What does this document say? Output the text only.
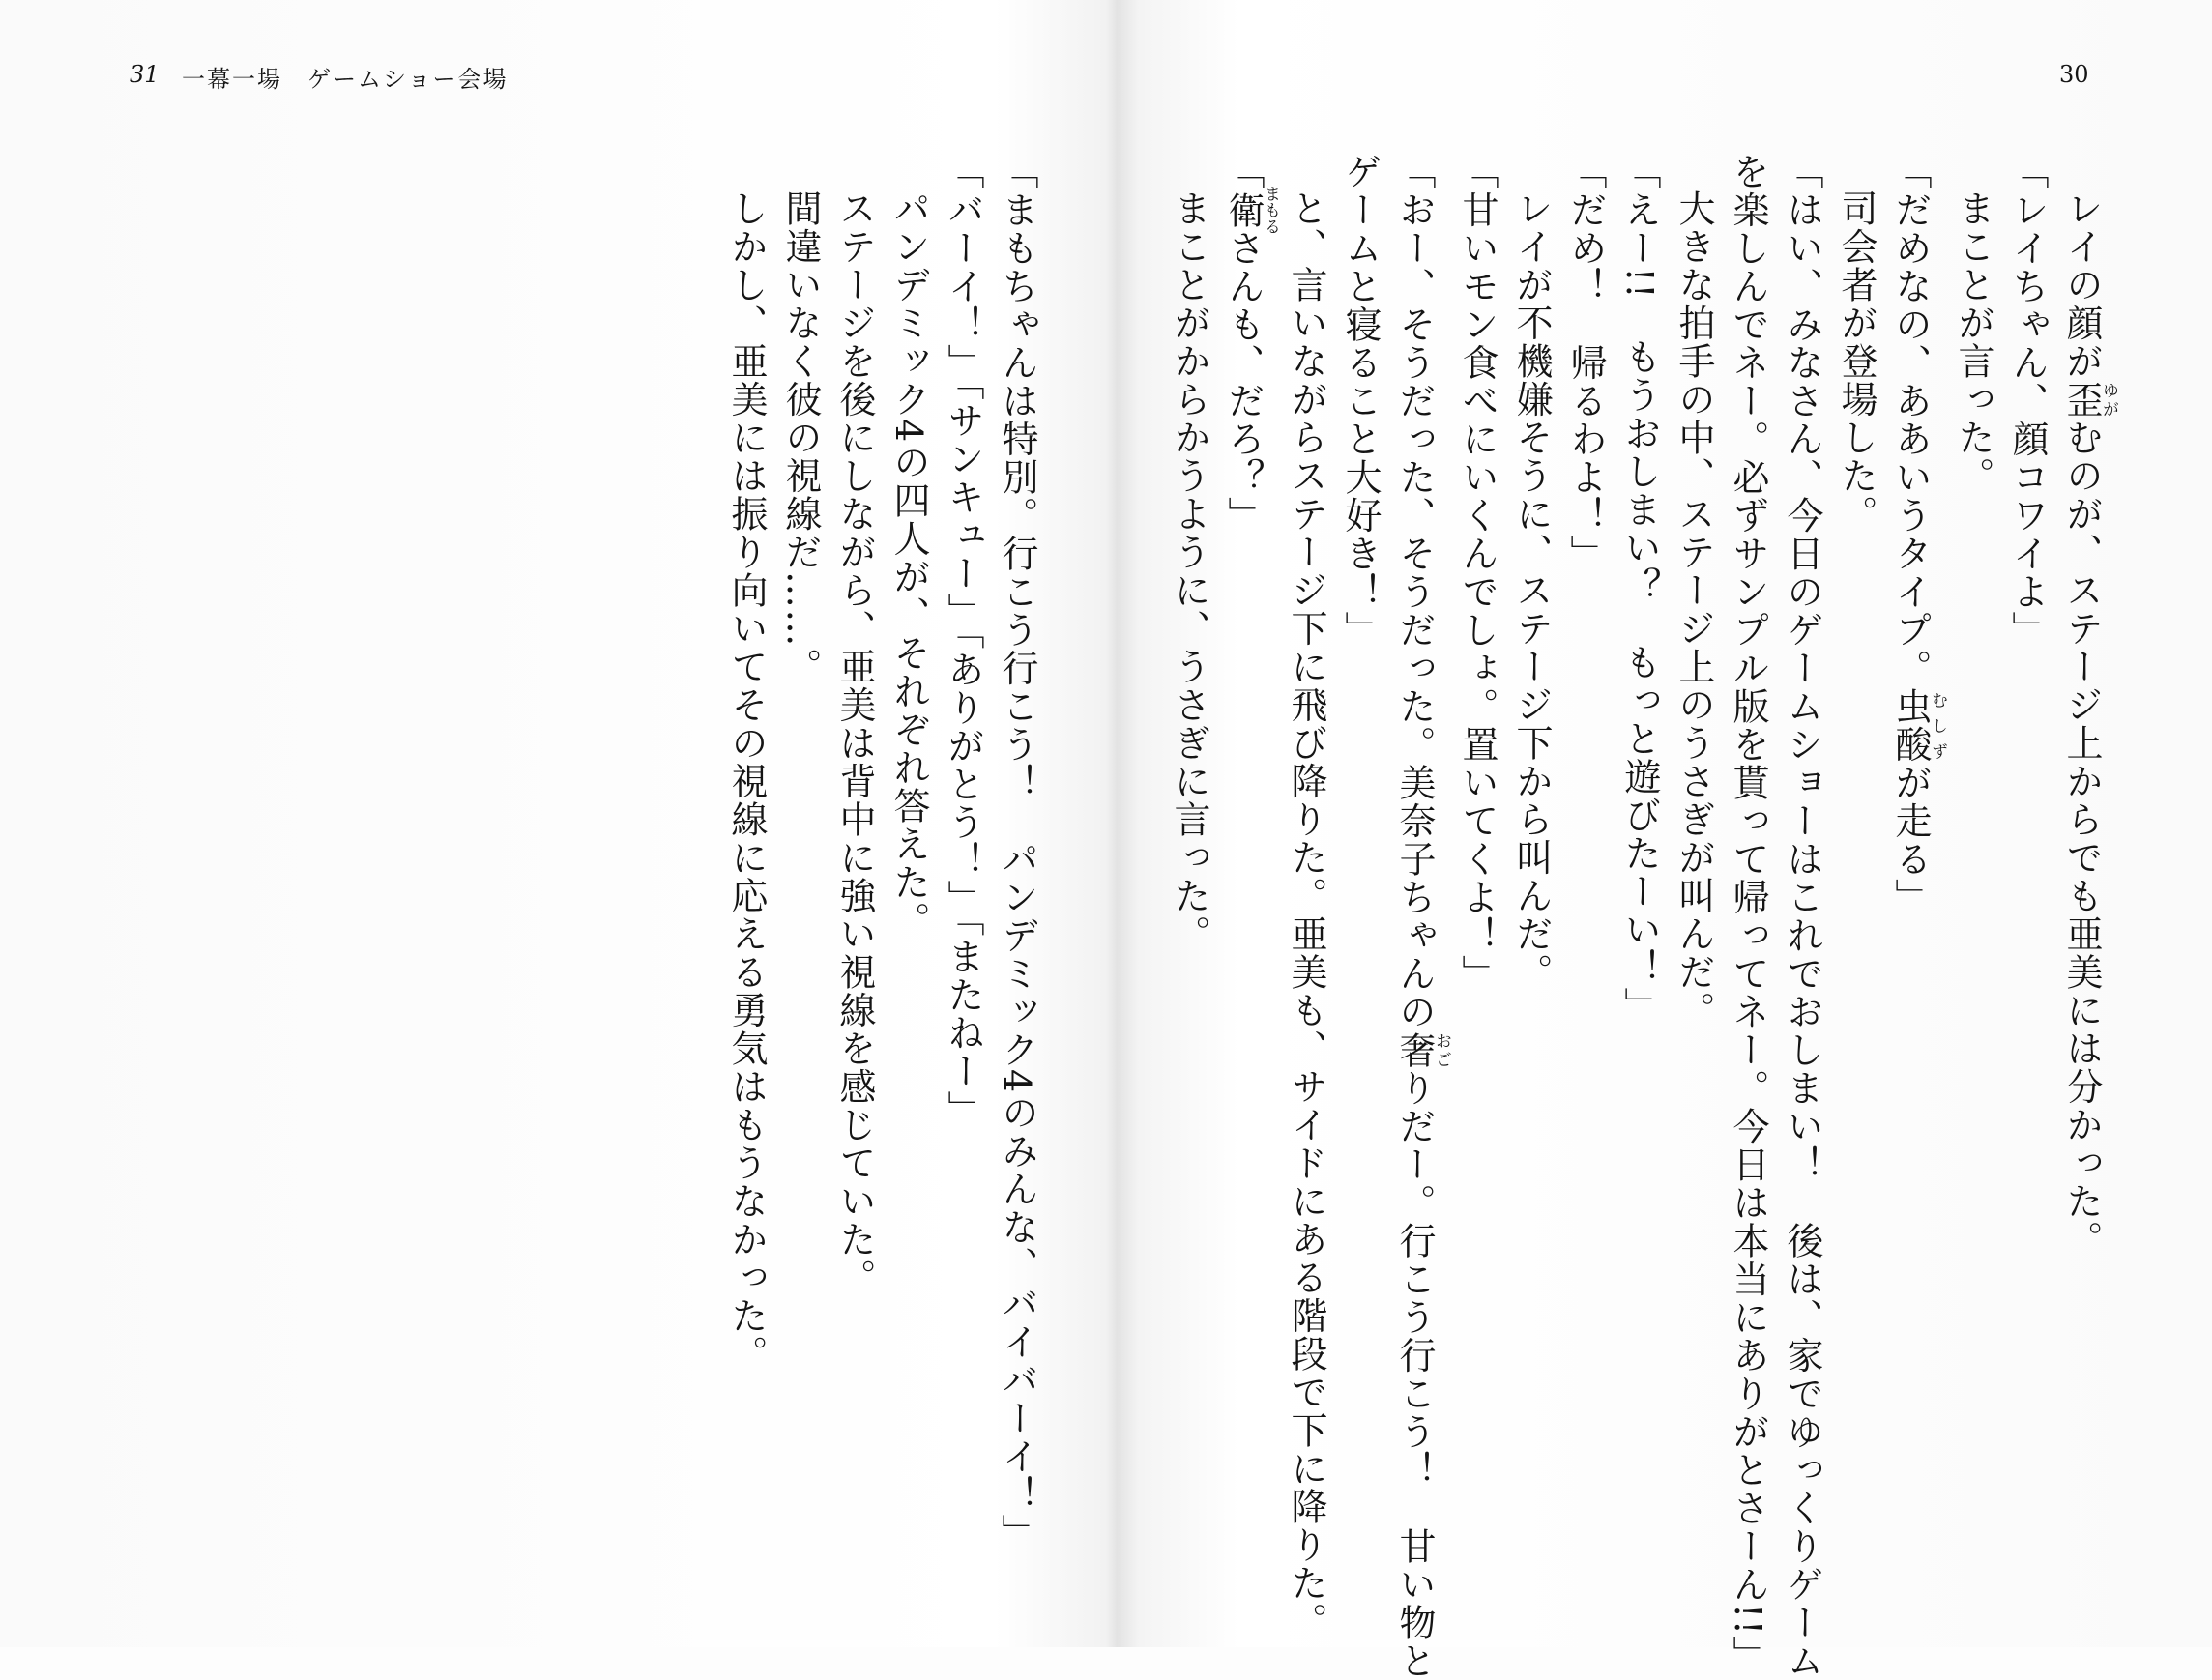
31 一幕一場　ゲームショー会場	30
レイの顔が歪ゆがむのが、ステージ上からでも亜美には分かった。
「レイちゃん、顔コワイよ」
まことが言った。
「だめなの、ああいうタイプ。虫酸むしずが走る」
司会者が登場した。
「はい、みなさん、今日のゲームショーはこれでおしまい！　後は、家でゆっくりゲーム
を楽しんでネー。必ずサンプル版を貰って帰ってネー。今日は本当にありがとさーん!!」
大きな拍手の中、ステージ上のうさぎが叫んだ。
「えー!!　もうおしまい？　もっと遊びたーい！」
「だめ！　帰るわよ！」
レイが不機嫌そうに、ステージ下から叫んだ。
「甘いモン食べにいくんでしょ。置いてくよ！」
「おー、そうだった、そうだった。美奈子ちゃんの奢おごりだー。行こう行こう！　甘い物と
ゲームと寝ること大好き！」
と、言いながらステージ下に飛び降りた。亜美も、サイドにある階段で下に降りた。
「衛まもるさんも、だろ？」
まことがからかうように、うさぎに言った。
「まもちゃんは特別。行こう行こう！　パンデミック4のみんな、バイバーイ！」
「バーイ！」「サンキュー」「ありがとう！」「またねー」
パンデミック4の四人が、それぞれ答えた。
ステージを後にしながら、亜美は背中に強い視線を感じていた。
間違いなく彼の視線だ……。
しかし、亜美には振り向いてその視線に応える勇気はもうなかった。
